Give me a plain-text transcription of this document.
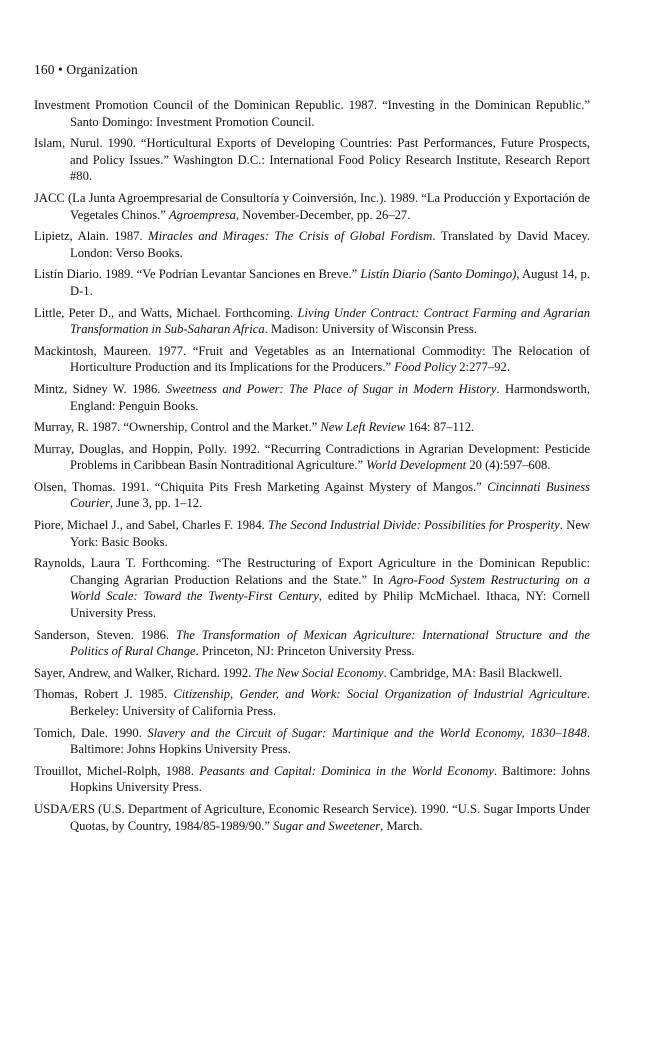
160 • Organization

Investment Promotion Council of the Dominican Republic. 1987. “Investing in the Dominican Republic.” Santo Domingo: Investment Promotion Council.

Islam, Nurul. 1990. “Horticultural Exports of Developing Countries: Past Performances, Future Prospects, and Policy Issues.” Washington D.C.: International Food Policy Research Institute, Research Report #80.

JACC (La Junta Agroempresarial de Consultoría y Coinversión, Inc.). 1989. “La Producción y Exportación de Vegetales Chinos.” Agroempresa, November-December, pp. 26–27.

Lipietz, Alain. 1987. Miracles and Mirages: The Crisis of Global Fordism. Translated by David Macey. London: Verso Books.

Listín Diario. 1989. “Ve Podrían Levantar Sanciones en Breve.” Listín Diario (Santo Domingo), August 14, p. D-1.

Little, Peter D., and Watts, Michael. Forthcoming. Living Under Contract: Contract Farming and Agrarian Transformation in Sub-Saharan Africa. Madison: University of Wisconsin Press.

Mackintosh, Maureen. 1977. “Fruit and Vegetables as an International Commodity: The Relocation of Horticulture Production and its Implications for the Producers.” Food Policy 2:277–92.

Mintz, Sidney W. 1986. Sweetness and Power: The Place of Sugar in Modern History. Harmondsworth, England: Penguin Books.

Murray, R. 1987. “Ownership, Control and the Market.” New Left Review 164: 87–112.

Murray, Douglas, and Hoppin, Polly. 1992. “Recurring Contradictions in Agrarian Development: Pesticide Problems in Caribbean Basin Nontraditional Agriculture.” World Development 20 (4):597–608.

Olsen, Thomas. 1991. “Chiquita Pits Fresh Marketing Against Mystery of Mangos.” Cincinnati Business Courier, June 3, pp. 1–12.

Piore, Michael J., and Sabel, Charles F. 1984. The Second Industrial Divide: Possibilities for Prosperity. New York: Basic Books.

Raynolds, Laura T. Forthcoming. “The Restructuring of Export Agriculture in the Dominican Republic: Changing Agrarian Production Relations and the State.” In Agro-Food System Restructuring on a World Scale: Toward the Twenty-First Century, edited by Philip McMichael. Ithaca, NY: Cornell University Press.

Sanderson, Steven. 1986. The Transformation of Mexican Agriculture: International Structure and the Politics of Rural Change. Princeton, NJ: Princeton University Press.

Sayer, Andrew, and Walker, Richard. 1992. The New Social Economy. Cambridge, MA: Basil Blackwell.

Thomas, Robert J. 1985. Citizenship, Gender, and Work: Social Organization of Industrial Agriculture. Berkeley: University of California Press.

Tomich, Dale. 1990. Slavery and the Circuit of Sugar: Martinique and the World Economy, 1830–1848. Baltimore: Johns Hopkins University Press.

Trouillot, Michel-Rolph, 1988. Peasants and Capital: Dominica in the World Economy. Baltimore: Johns Hopkins University Press.

USDA/ERS (U.S. Department of Agriculture, Economic Research Service). 1990. “U.S. Sugar Imports Under Quotas, by Country, 1984/85-1989/90.” Sugar and Sweetener, March.
